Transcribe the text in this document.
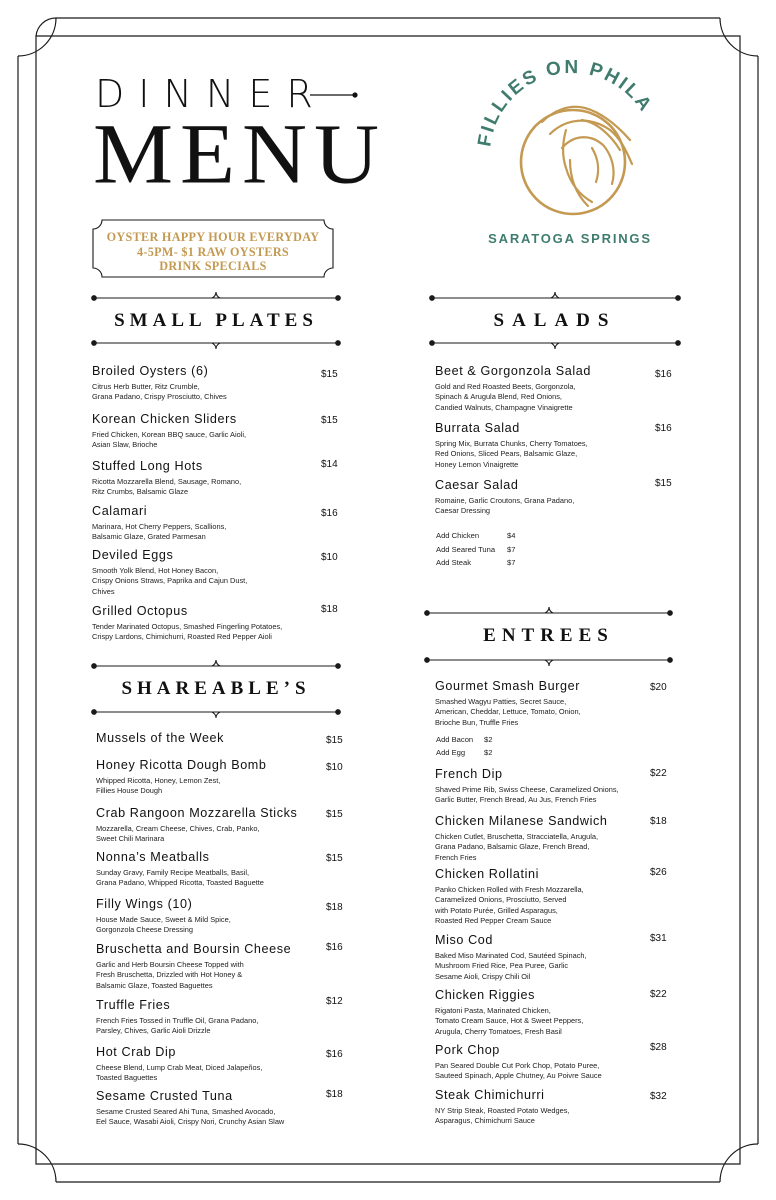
DINNER
MENU
OYSTER HAPPY HOUR EVERYDAY
4-5PM- $1 RAW OYSTERS
DRINK SPECIALS
FILLIES ON PHILA
SARATOGA SPRINGS
SMALL PLATES	SALADS
SHAREABLE’S
ENTREES
Broiled Oysters (6)
Citrus Herb Butter, Ritz Crumble,
Grana Padano, Crispy Prosciutto, Chives
$15
Korean Chicken Sliders
Fried Chicken, Korean BBQ sauce, Garlic Aioli,
Asian Slaw, Brioche
$15
Stuffed Long Hots
Ricotta Mozzarella Blend, Sausage, Romano,
Ritz Crumbs, Balsamic Glaze
$14
Calamari
Marinara, Hot Cherry Peppers, Scallions,
Balsamic Glaze, Grated Parmesan
$16
Deviled Eggs
Smooth Yolk Blend, Hot Honey Bacon,
Crispy Onions Straws, Paprika and Cajun Dust,
Chives
$10
Grilled Octopus
Tender Marinated Octopus, Smashed Fingerling Potatoes,
Crispy Lardons, Chimichurri, Roasted Red Pepper Aioli
$18
Mussels of the Week	$15
Honey Ricotta Dough Bomb
Whipped Ricotta, Honey, Lemon Zest,
Fillies House Dough
$10
Crab Rangoon Mozzarella Sticks
Mozzarella, Cream Cheese, Chives, Crab, Panko,
Sweet Chili Marinara
$15
Nonna’s Meatballs
Sunday Gravy, Family Recipe Meatballs, Basil,
Grana Padano, Whipped Ricotta, Toasted Baguette
$15
Filly Wings (10)
House Made Sauce, Sweet & Mild Spice,
Gorgonzola Cheese Dressing
$18
Bruschetta and Boursin Cheese
Garlic and Herb Boursin Cheese Topped with
Fresh Bruschetta, Drizzled with Hot Honey &
Balsamic Glaze, Toasted Baguettes
$16
Truffle Fries
French Fries Tossed in Truffle Oil, Grana Padano,
Parsley, Chives, Garlic Aioli Drizzle
$12
Hot Crab Dip
Cheese Blend, Lump Crab Meat, Diced Jalapeños,
Toasted Baguettes
$16
Sesame Crusted Tuna
Sesame Crusted Seared Ahi Tuna, Smashed Avocado,
Eel Sauce, Wasabi Aioli, Crispy Nori, Crunchy Asian Slaw
$18
Beet & Gorgonzola Salad
Gold and Red Roasted Beets, Gorgonzola,
Spinach & Arugula Blend, Red Onions,
Candied Walnuts, Champagne Vinaigrette
$16
Burrata Salad
Spring Mix, Burrata Chunks, Cherry Tomatoes,
Red Onions, Sliced Pears, Balsamic Glaze,
Honey Lemon Vinaigrette
$16
Caesar Salad
Romaine, Garlic Croutons, Grana Padano,
Caesar Dressing
$15
Gourmet Smash Burger
Smashed Wagyu Patties, Secret Sauce,
American, Cheddar, Lettuce, Tomato, Onion,
Brioche Bun, Truffle Fries
$20
French Dip
Shaved Prime Rib, Swiss Cheese, Caramelized Onions,
Garlic Butter, French Bread, Au Jus, French Fries
$22
Chicken Milanese Sandwich
Chicken Cutlet, Bruschetta, Stracciatella, Arugula,
Grana Padano, Balsamic Glaze, French Bread,
French Fries
$18
Chicken Rollatini
Panko Chicken Rolled with Fresh Mozzarella,
Caramelized Onions, Prosciutto, Served
with Potato Purée, Grilled Asparagus,
Roasted Red Pepper Cream Sauce
$26
Miso Cod
Baked Miso Marinated Cod, Sautéed Spinach,
Mushroom Fried Rice, Pea Puree, Garlic
Sesame Aioli, Crispy Chili Oil
$31
Chicken Riggies
Rigatoni Pasta, Marinated Chicken,
Tomato Cream Sauce, Hot & Sweet Peppers,
Arugula, Cherry Tomatoes, Fresh Basil
$22
Pork Chop
Pan Seared Double Cut Pork Chop, Potato Puree,
Sauteed Spinach, Apple Chutney, Au Poivre Sauce
$28
Steak Chimichurri
NY Strip Steak, Roasted Potato Wedges,
Asparagus, Chimichurri Sauce
$32
Add Chicken	$4
Add Seared Tuna $7
Add Steak	$7
Add Bacon $2
Add Egg $2
